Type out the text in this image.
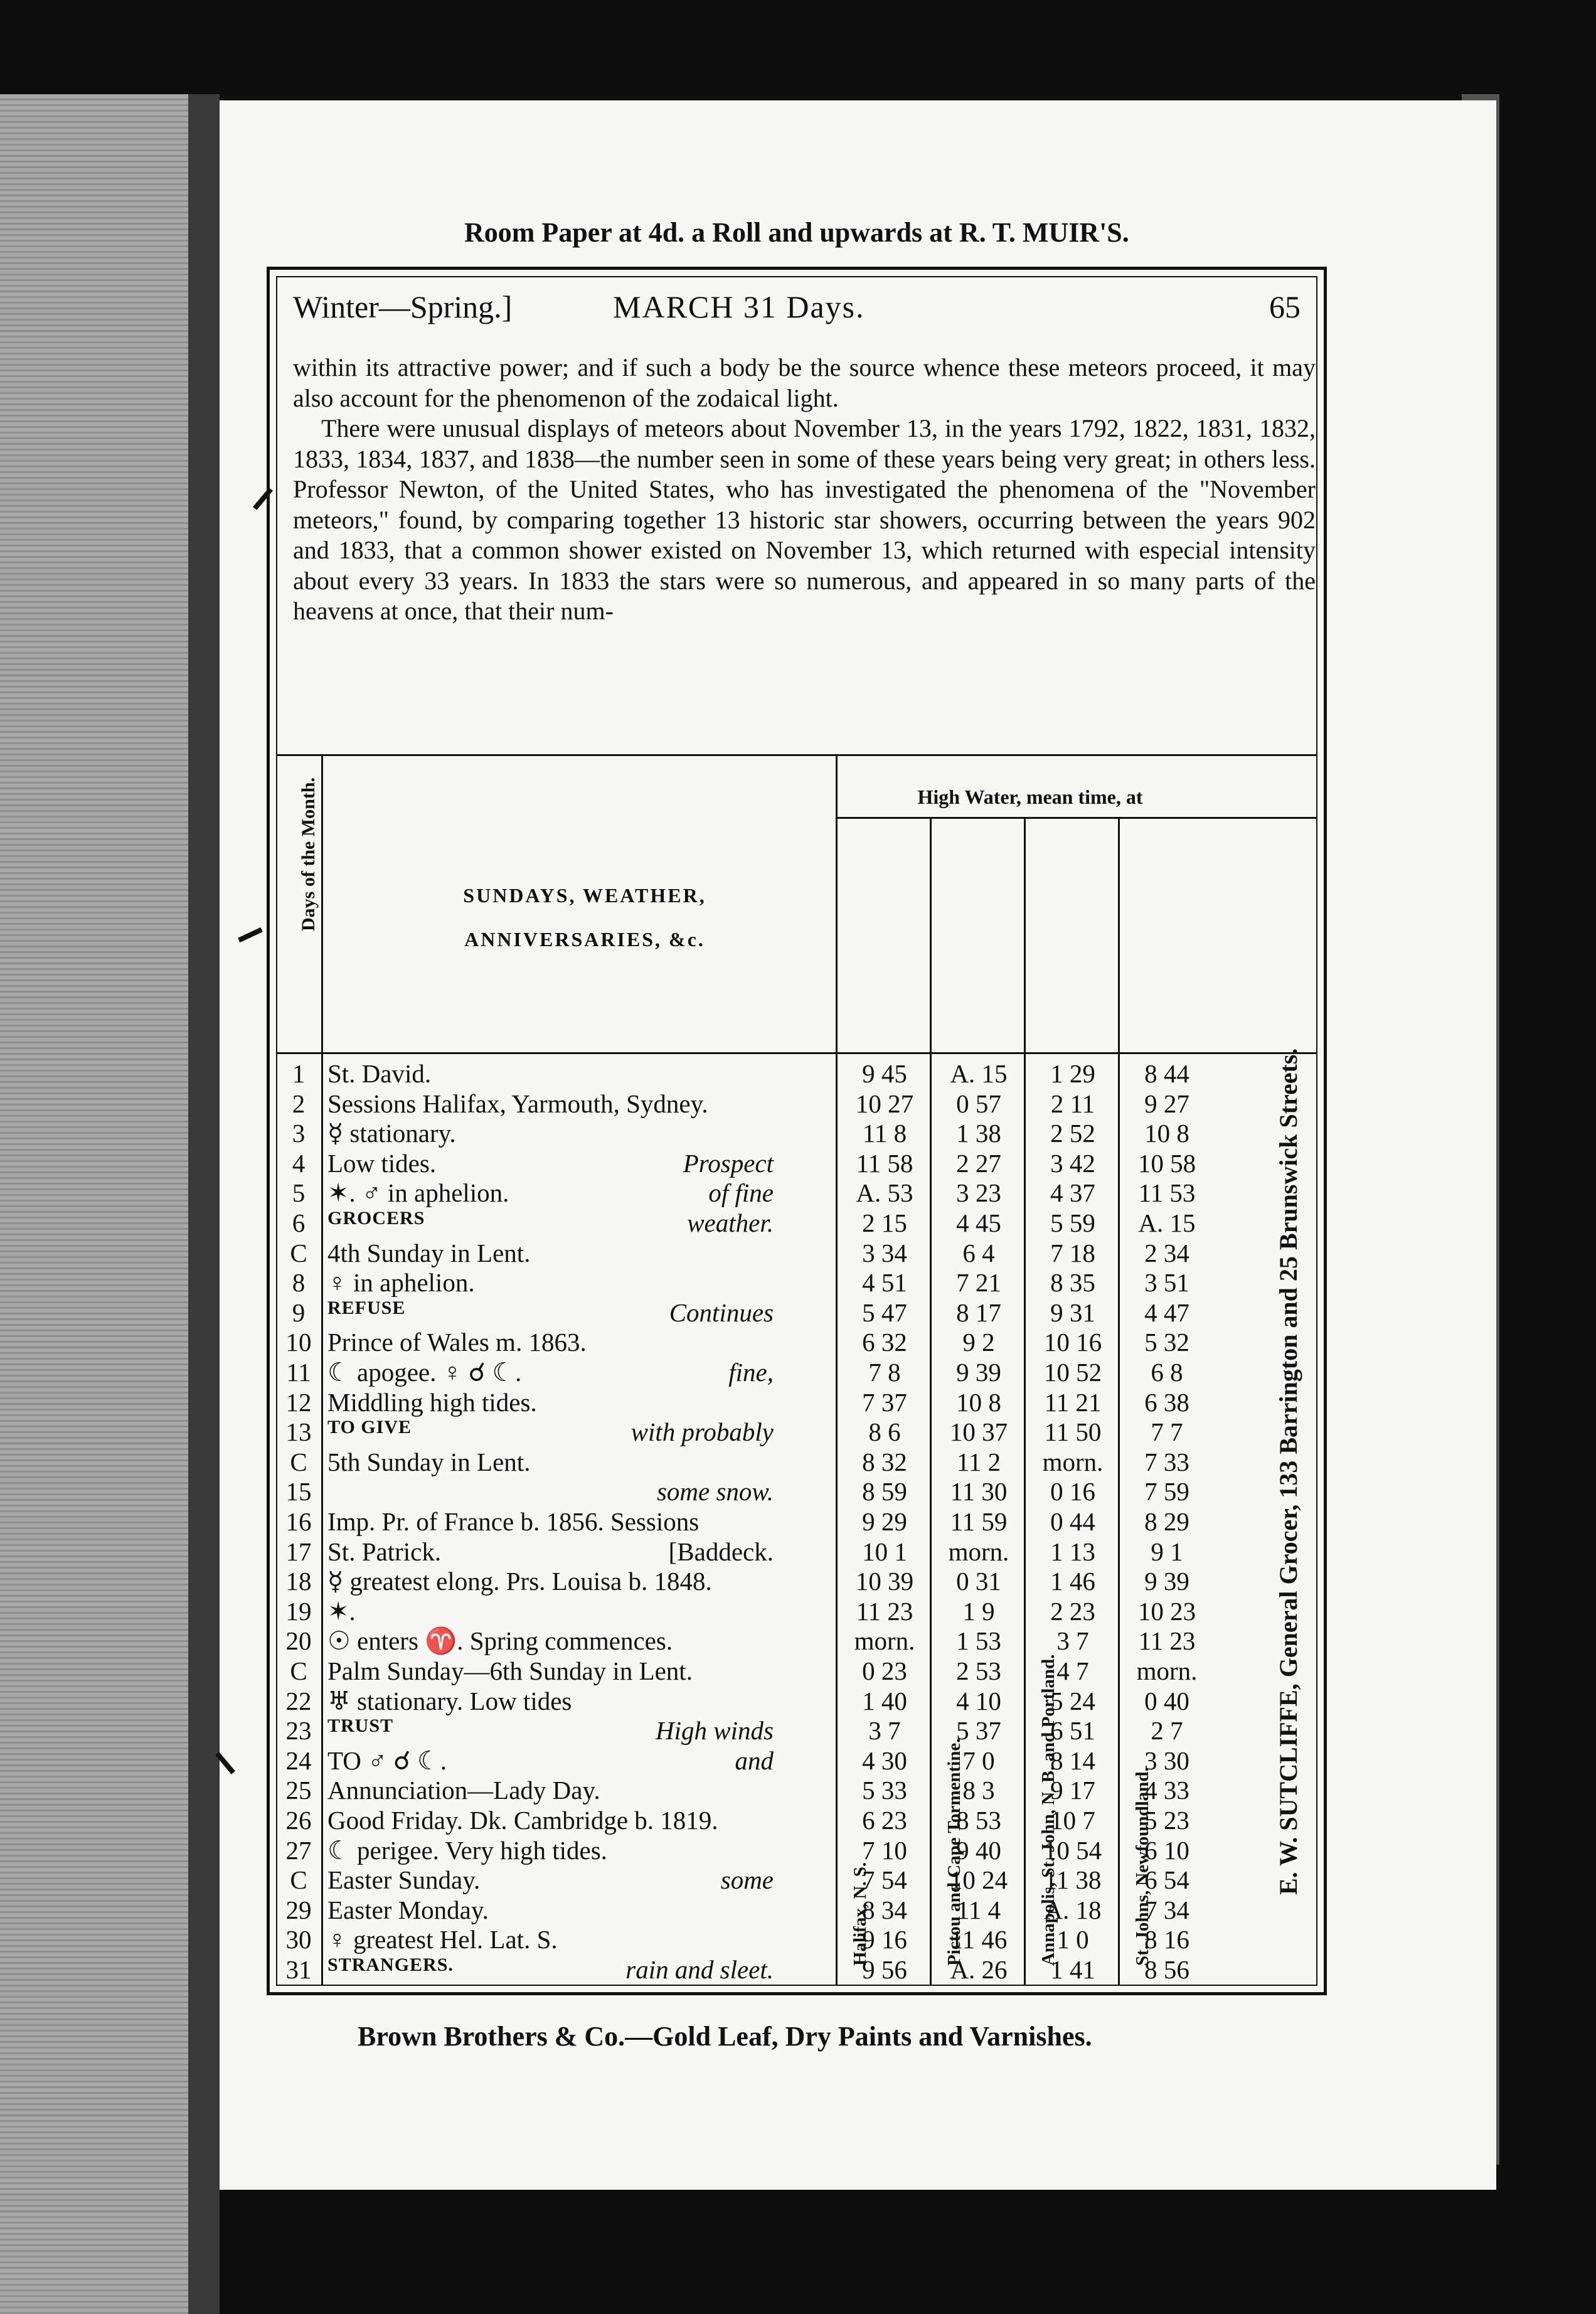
Room Paper at 4d. a Roll and upwards at R. T. MUIR'S.
Winter—Spring.]	MARCH 31 Days.	65

within its attractive power; and if such a body be the source whence these meteors proceed, it may also account for the phenomenon of the zodaical light.

There were unusual displays of meteors about November 13, in the years 1792, 1822, 1831, 1832, 1833, 1834, 1837, and 1838—the number seen in some of these years being very great; in others less. Professor Newton, of the United States, who has investigated the phenomena of the "November meteors," found, by comparing together 13 historic star showers, occurring between the years 902 and 1833, that a common shower existed on November 13, which returned with especial intensity about every 33 years. In 1833 the stars were so numerous, and appeared in so many parts of the heavens at once, that their num-

Days of the Month.	SUNDAYS, WEATHER, ANNIVERSARIES, &c.
High Water, mean time, at
Halifax, N. S.	Pictou and Cape Tormentine.	Annapolis, St. John, N. B. and Portland.	St. Johns, Newfoundland.
1 St. David.	9 45	A. 15	1 29	8 44
2 Sessions Halifax, Yarmouth, Sydney.	10 27	0 57	2 11	9 27
3 ☿ stationary.	11 8	1 38	2 52	10 8
4 Low tides.	Prospect	11 58	2 27	3 42	10 58
5 ✶. ♂ in aphelion.	of fine	A. 53	3 23	4 37	11 53
6	GROCERS	weather.	2 15	4 45	5 59	A. 15
C 4th Sunday in Lent.	3 34	6 4	7 18	2 34
8 ♀ in aphelion.	4 51	7 21	8 35	3 51
9	REFUSE	Continues	5 47	8 17	9 31	4 47
10 Prince of Wales m. 1863.	6 32	9 2	10 16	5 32
11 ☾ apogee. ♀ ☌ ☾.	fine,	7 8	9 39	10 52	6 8
12 Middling high tides.	7 37	10 8	11 21	6 38
13 TO GIVE	with probably	8 6	10 37	11 50	7 7
C 5th Sunday in Lent.	8 32	11 2	morn.	7 33
15	some snow.	8 59	11 30	0 16	7 59
16 Imp. Pr. of France b. 1856. Sessions	9 29	11 59	0 44	8 29
17 St. Patrick.	[Baddeck.	10 1	morn.	1 13	9 1
18 ☿ greatest elong. Prs. Louisa b. 1848.	10 39	0 31	1 46	9 39
19 ✶.	11 23	1 9	2 23	10 23
20 ☉ enters ♈. Spring commences.	morn.	1 53	3 7	11 23
C Palm Sunday—6th Sunday in Lent.	0 23	2 53	4 7	morn.
22 ♅ stationary. Low tides	1 40	4 10	5 24	0 40
23 TRUST	High winds	3 7	5 37	6 51	2 7
24 TO ♂ ☌ ☾.	and	4 30	7 0	8 14	3 30
25 Annunciation—Lady Day.	5 33	8 3	9 17	4 33
26 Good Friday. Dk. Cambridge b. 1819.	6 23	8 53	10 7	5 23
27 ☾ perigee. Very high tides.	7 10	9 40	10 54	6 10
C Easter Sunday.	some	7 54	10 24	11 38	6 54
29 Easter Monday.	8 34	11 4	A. 18	7 34
30 ♀ greatest Hel. Lat. S.	9 16	11 46	1 0	8 16
31 STRANGERS.	rain and sleet.	9 56	A. 26	1 41	8 56
E. W. SUTCLIFFE, General Grocer, 133 Barrington and 25 Brunswick Streets.
Brown Brothers & Co.—Gold Leaf, Dry Paints and Varnishes.
